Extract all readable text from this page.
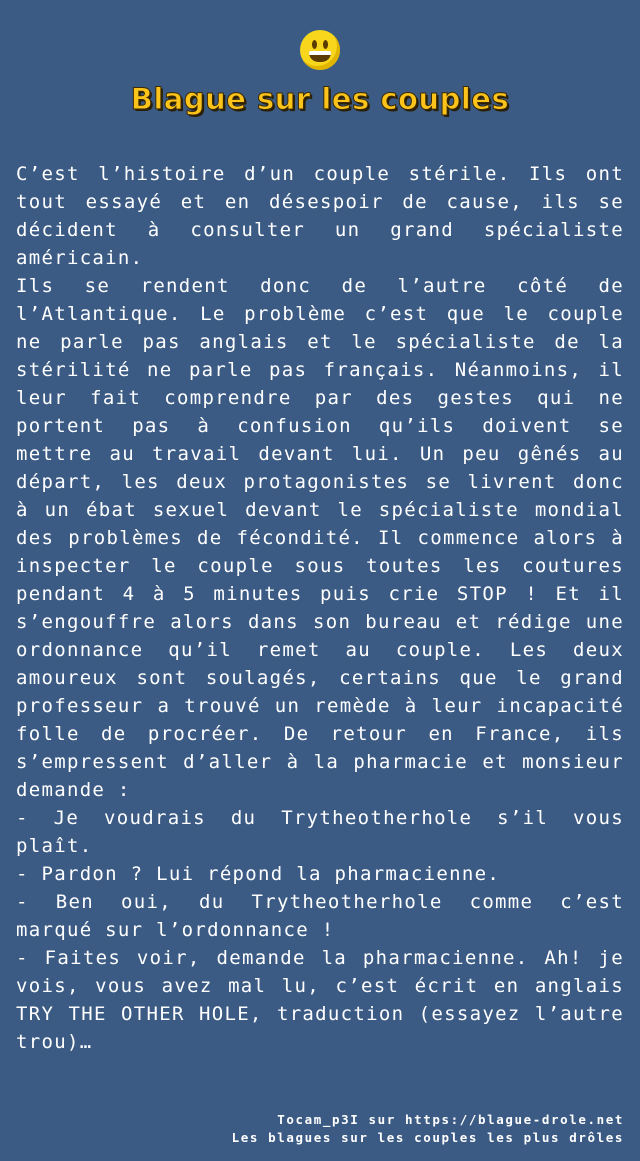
Blague sur les couples

C’est l’histoire d’un couple stérile. Ils ont tout essayé et en désespoir de cause, ils se décident à consulter un grand spécialiste américain.

Ils se rendent donc de l’autre côté de l’Atlantique. Le problème c’est que le couple ne parle pas anglais et le spécialiste de la stérilité ne parle pas français. Néanmoins, il leur fait comprendre par des gestes qui ne portent pas à confusion qu’ils doivent se mettre au travail devant lui. Un peu gênés au départ, les deux protagonistes se livrent donc à un ébat sexuel devant le spécialiste mondial des problèmes de fécondité. Il commence alors à inspecter le couple sous toutes les coutures pendant 4 à 5 minutes puis crie STOP ! Et il s’engouffre alors dans son bureau et rédige une ordonnance qu’il remet au couple. Les deux amoureux sont soulagés, certains que le grand professeur a trouvé un remède à leur incapacité folle de procréer. De retour en France, ils s’empressent d’aller à la pharmacie et monsieur demande :

- Je voudrais du Trytheotherhole s’il vous plaît.

- Pardon ? Lui répond la pharmacienne.

- Ben oui, du Trytheotherhole comme c’est marqué sur l’ordonnance !

- Faites voir, demande la pharmacienne. Ah! je vois, vous avez mal lu, c’est écrit en anglais TRY THE OTHER HOLE, traduction (essayez l’autre trou)…

Tocam_p3I sur https://blague-drole.net
Les blagues sur les couples les plus drôles
